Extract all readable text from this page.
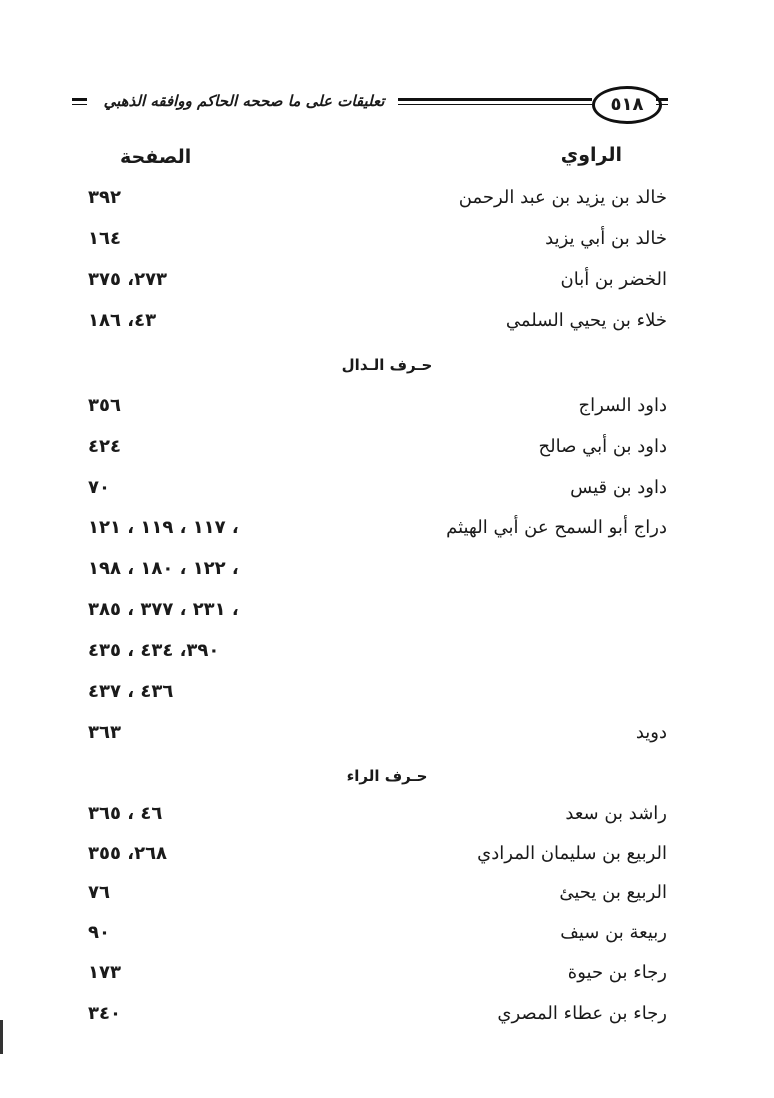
تعليقات على ما صححه الحاكم ووافقه الذهبي	٥١٨
الراوي
الصفحة
خالد بن يزيد بن عبد الرحمن
٣٩٢
خالد بن أبي يزيد
١٦٤
الخضر بن أبان
٢٧٣، ٣٧٥
خلاء بن يحيي السلمي
٤٣، ١٨٦
حـرف الـدال
داود السراج
٣٥٦
داود بن أبي صالح
٤٢٤
داود بن قيس
٧٠
دراج أبو السمح عن أبي الهيثم
١١٧ ، ١١٩ ، ١٢١ ،
١٢٢ ، ١٨٠ ، ١٩٨ ،
٢٣١ ، ٣٧٧ ، ٣٨٥ ،
٣٩٠، ٤٣٤ ، ٤٣٥
٤٣٦ ، ٤٣٧
دويد
٣٦٣
حـرف الراء
راشد بن سعد
٤٦ ، ٣٦٥
الربيع بن سليمان المرادي
٢٦٨، ٣٥٥
الربيع بن يحيئ
٧٦
ربيعة بن سيف
٩٠
رجاء بن حيوة
١٧٣
رجاء بن عطاء المصري
٣٤٠
